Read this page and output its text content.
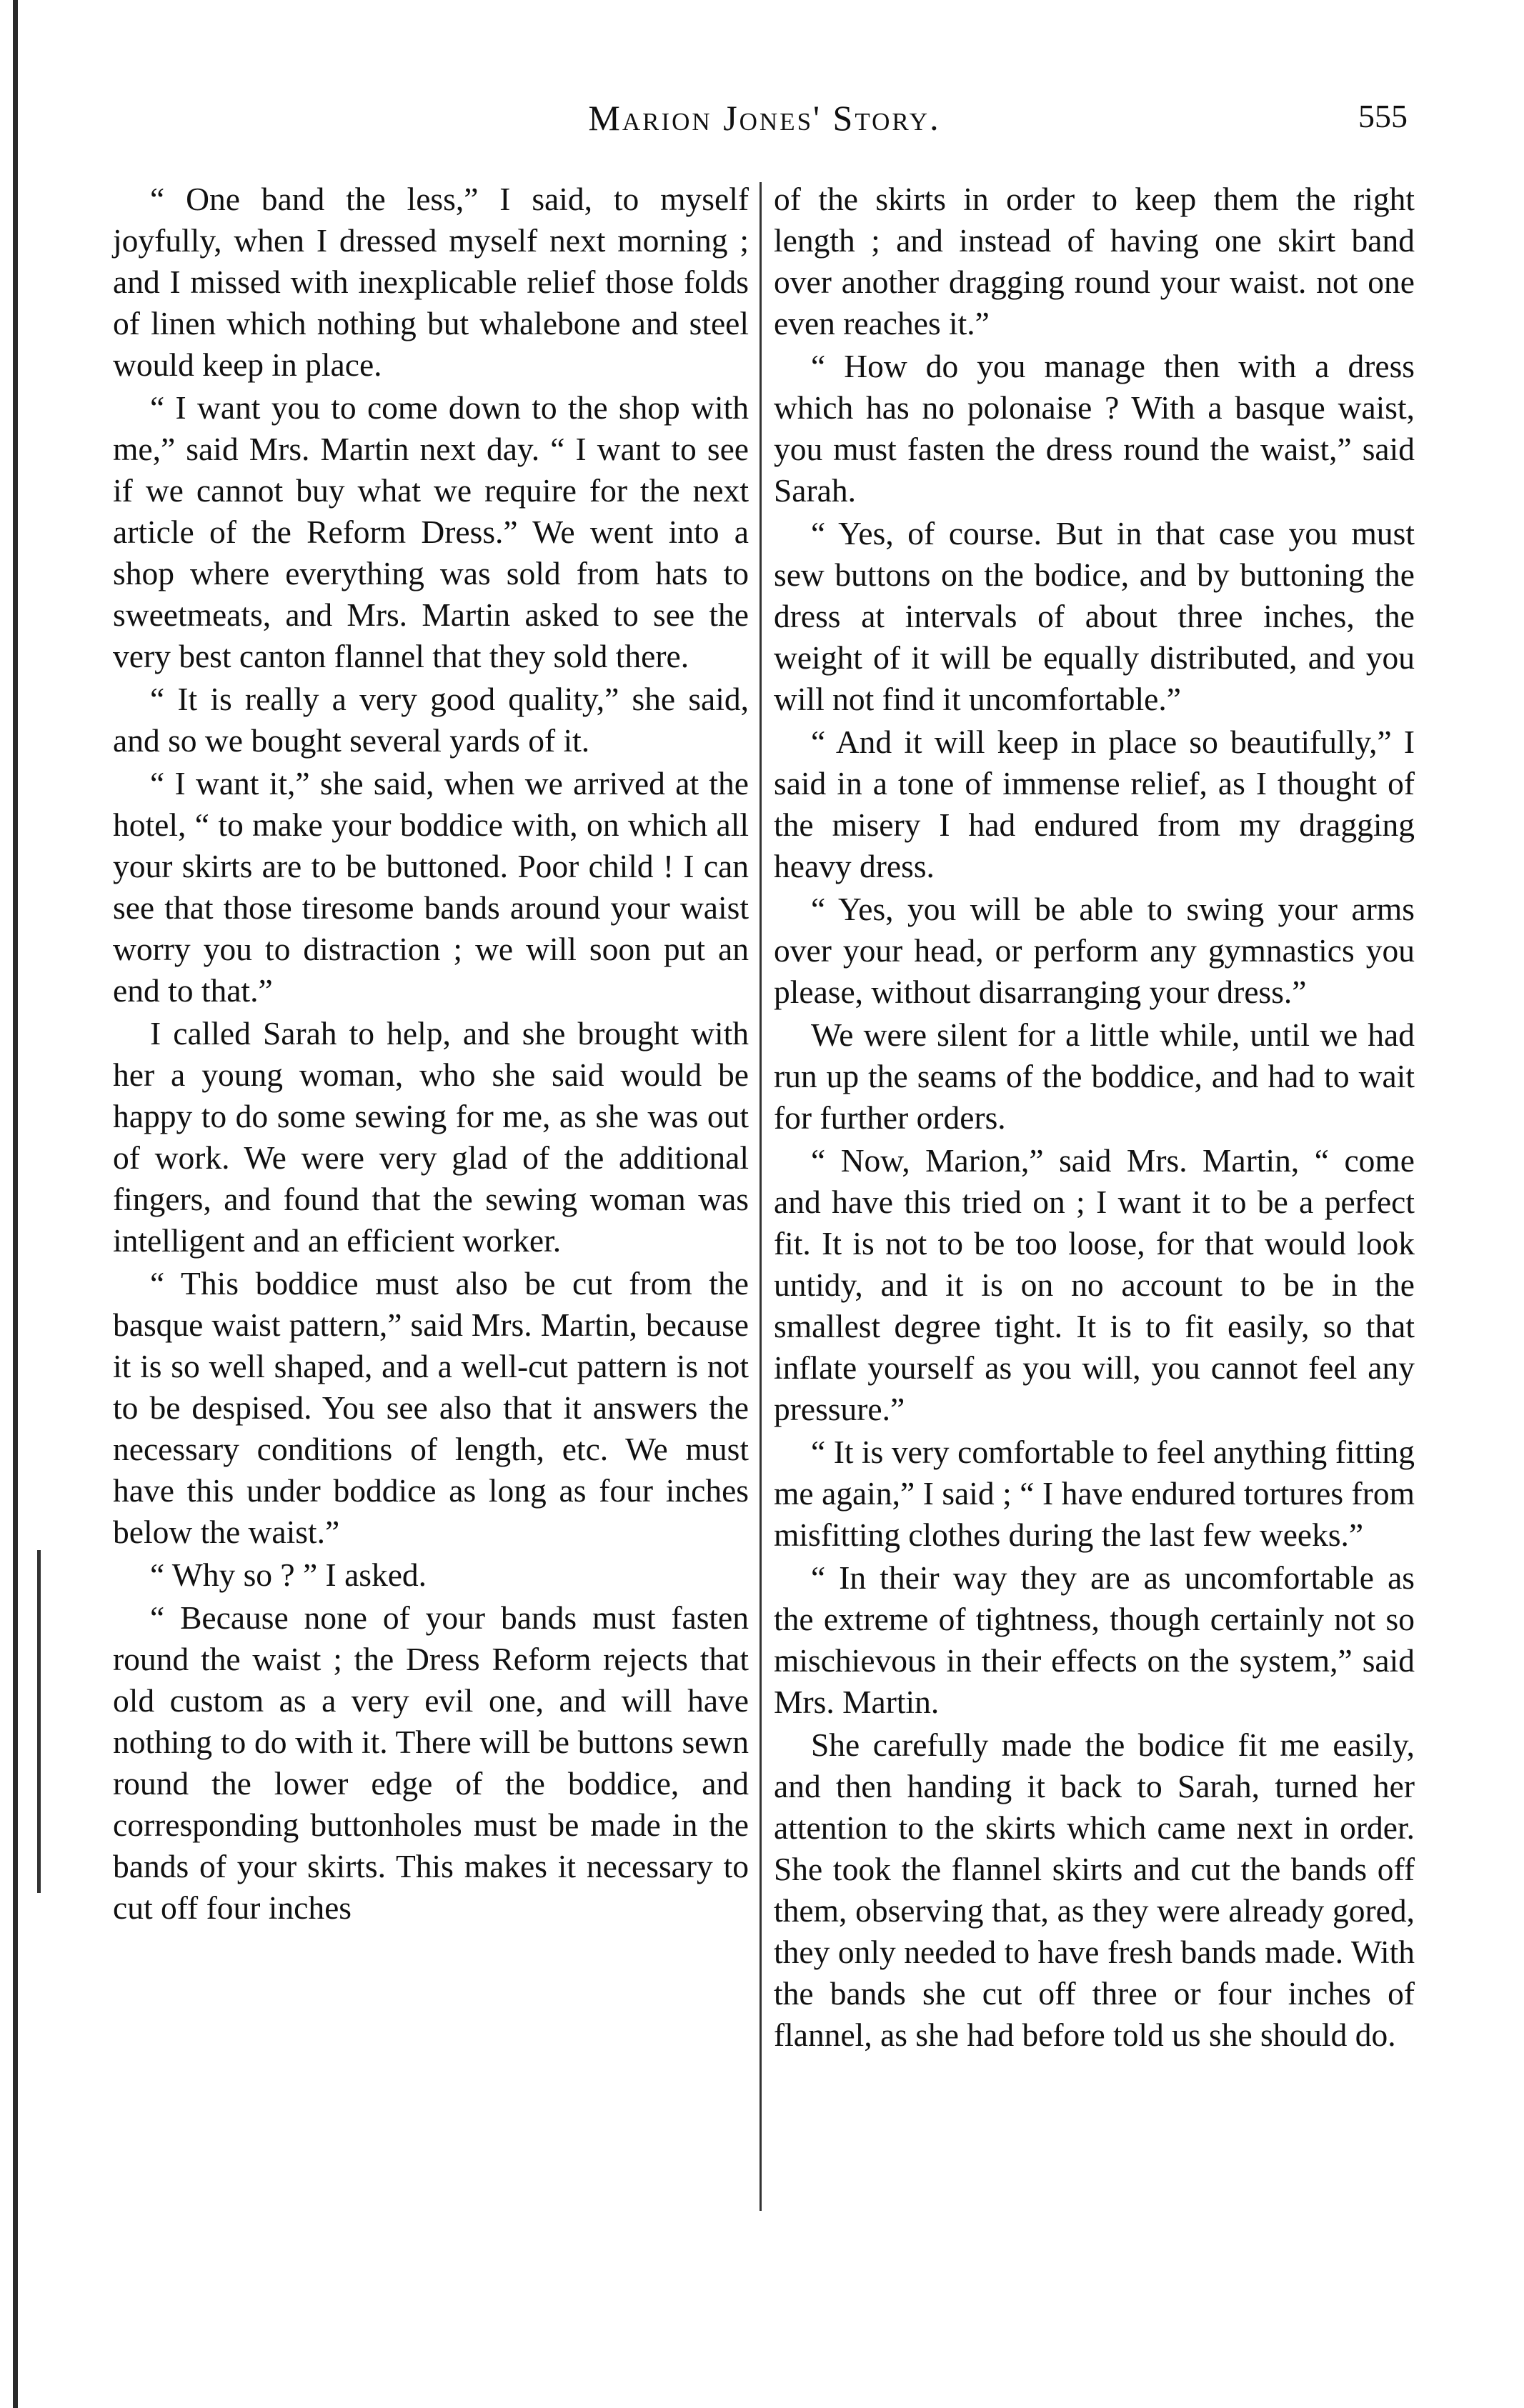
Marion Jones' Story.	555

“ One band the less,” I said, to myself joyfully, when I dressed myself next morning ; and I missed with inexplicable relief those folds of linen which nothing but whalebone and steel would keep in place.

“ I want you to come down to the shop with me,” said Mrs. Martin next day. “ I want to see if we cannot buy what we require for the next article of the Reform Dress.” We went into a shop where everything was sold from hats to sweetmeats, and Mrs. Martin asked to see the very best canton flannel that they sold there.

“ It is really a very good quality,” she said, and so we bought several yards of it.

“ I want it,” she said, when we arrived at the hotel, “ to make your boddice with, on which all your skirts are to be buttoned. Poor child ! I can see that those tiresome bands around your waist worry you to distraction ; we will soon put an end to that.”

I called Sarah to help, and she brought with her a young woman, who she said would be happy to do some sewing for me, as she was out of work. We were very glad of the additional fingers, and found that the sewing woman was intelligent and an efficient worker.

“ This boddice must also be cut from the basque waist pattern,” said Mrs. Martin, because it is so well shaped, and a well-cut pattern is not to be despised. You see also that it answers the necessary conditions of length, etc. We must have this under boddice as long as four inches below the waist.”

“ Why so ? ” I asked.

“ Because none of your bands must fasten round the waist ; the Dress Reform rejects that old custom as a very evil one, and will have nothing to do with it. There will be buttons sewn round the lower edge of the boddice, and corresponding buttonholes must be made in the bands of your skirts. This makes it necessary to cut off four inches

of the skirts in order to keep them the right length ; and instead of having one skirt band over another dragging round your waist. not one even reaches it.”

“ How do you manage then with a dress which has no polonaise ? With a basque waist, you must fasten the dress round the waist,” said Sarah.

“ Yes, of course. But in that case you must sew buttons on the bodice, and by buttoning the dress at intervals of about three inches, the weight of it will be equally distributed, and you will not find it uncomfortable.”

“ And it will keep in place so beautifully,” I said in a tone of immense relief, as I thought of the misery I had endured from my dragging heavy dress.

“ Yes, you will be able to swing your arms over your head, or perform any gymnastics you please, without disarranging your dress.”

We were silent for a little while, until we had run up the seams of the boddice, and had to wait for further orders.

“ Now, Marion,” said Mrs. Martin, “ come and have this tried on ; I want it to be a perfect fit. It is not to be too loose, for that would look untidy, and it is on no account to be in the smallest degree tight. It is to fit easily, so that inflate yourself as you will, you cannot feel any pressure.”

“ It is very comfortable to feel anything fitting me again,” I said ; “ I have endured tortures from misfitting clothes during the last few weeks.”

“ In their way they are as uncomfortable as the extreme of tightness, though certainly not so mischievous in their effects on the system,” said Mrs. Martin.

She carefully made the bodice fit me easily, and then handing it back to Sarah, turned her attention to the skirts which came next in order. She took the flannel skirts and cut the bands off them, observing that, as they were already gored, they only needed to have fresh bands made. With the bands she cut off three or four inches of flannel, as she had before told us she should do.
